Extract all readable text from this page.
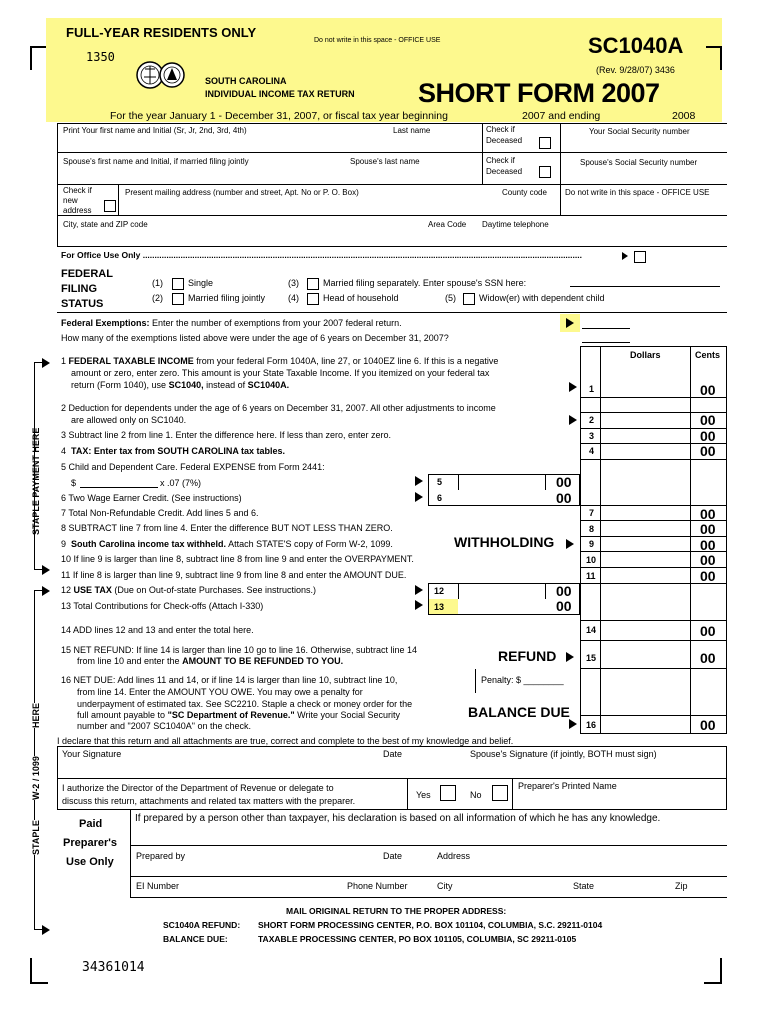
FULL-YEAR RESIDENTS ONLY
Do not write in this space - OFFICE USE
1350
SOUTH CAROLINA
INDIVIDUAL INCOME TAX RETURN
SC1040A
(Rev. 9/28/07) 3436
SHORT FORM 2007
For the year January 1 - December 31, 2007, or fiscal tax year beginning	2007 and ending	2008
Print Your first name and Initial (Sr, Jr, 2nd, 3rd, 4th)	Last name	Check if Deceased
Your Social Security number
Spouse's first name and Initial, if married filing jointly	Spouse's last name	Check if Deceased
Spouse's Social Security number
Check if new address
Present mailing address (number and street, Apt. No or P. O. Box)	County code Do not write in this space - OFFICE USE
City, state and ZIP code	Area Code Daytime telephone
For Office Use Only ..........................................................................................................................................................................................
FEDERAL FILING STATUS
(1)	Single
(2)	Married filing jointly
(3)	Married filing separately. Enter spouse's SSN here:
(4)	Head of household	(5)	Widow(er) with dependent child
Federal Exemptions: Enter the number of exemptions from your 2007 federal return.
How many of the exemptions listed above were under the age of 6 years on December 31, 2007?
Dollars	Cents
1 FEDERAL TAXABLE INCOME from your federal Form 1040A, line 27, or 1040EZ line 6. If this is a negative
amount or zero, enter zero. This amount is your State Taxable Income. If you itemized on your federal tax
return (Form 1040), use SC1040, instead of SC1040A.	1	00
2 Deduction for dependents under the age of 6 years on December 31, 2007. All other adjustments to income
are allowed only on SC1040.	2	00
3 Subtract line 2 from line 1. Enter the difference here. If less than zero, enter zero.	3	00
4 TAX: Enter tax from SOUTH CAROLINA tax tables.	4	00
5 Child and Dependent Care. Federal EXPENSE from Form 2441:
$	x .07 (7%)	5	00
6 Two Wage Earner Credit. (See instructions)	6	00
7 Total Non-Refundable Credit. Add lines 5 and 6.	7	00
8 SUBTRACT line 7 from line 4. Enter the difference BUT NOT LESS THAN ZERO.	8	00
9 South Carolina income tax withheld. Attach STATE'S copy of Form W-2, 1099.	WITHHOLDING	9	00
10 If line 9 is larger than line 8, subtract line 8 from line 9 and enter the OVERPAYMENT.	10	00
11 If line 8 is larger than line 9, subtract line 9 from line 8 and enter the AMOUNT DUE.	11	00
12 USE TAX (Due on Out-of-state Purchases. See instructions.)	12	00
13 Total Contributions for Check-offs (Attach I-330)	13	00
14 ADD lines 12 and 13 and enter the total here.	14	00
15 NET REFUND: If line 14 is larger than line 10 go to line 16. Otherwise, subtract line 14
from line 10 and enter the AMOUNT TO BE REFUNDED TO YOU.	REFUND	15	00
16 NET DUE: Add lines 11 and 14, or if line 14 is larger than line 10, subtract line 10,
from line 14. Enter the AMOUNT YOU OWE. You may owe a penalty for
underpayment of estimated tax. See SC2210. Staple a check or money order for the
full amount payable to "SC Department of Revenue." Write your Social Security
number and "2007 SC1040A" on the check.
Penalty: $ ________
BALANCE DUE
16	00
I declare that this return and all attachments are true, correct and complete to the best of my knowledge and belief.
Your Signature	Date	Spouse's Signature (if jointly, BOTH must sign)
I authorize the Director of the Department of Revenue or delegate to
discuss this return, attachments and related tax matters with the preparer.
Yes	No
Preparer's Printed Name
Paid
Preparer's
Use Only
If prepared by a person other than taxpayer, his declaration is based on all information of which he has any knowledge.
Prepared by	Date	Address
EI Number	Phone Number	City	State	Zip
MAIL ORIGINAL RETURN TO THE PROPER ADDRESS:
SC1040A REFUND: SHORT FORM PROCESSING CENTER, P.O. BOX 101104, COLUMBIA, S.C. 29211-0104
BALANCE DUE:	TAXABLE PROCESSING CENTER, PO BOX 101105, COLUMBIA, SC 29211-0105
34361014
STAPLE PAYMENT HERE
HERE
W-2 / 1099
STAPLE
